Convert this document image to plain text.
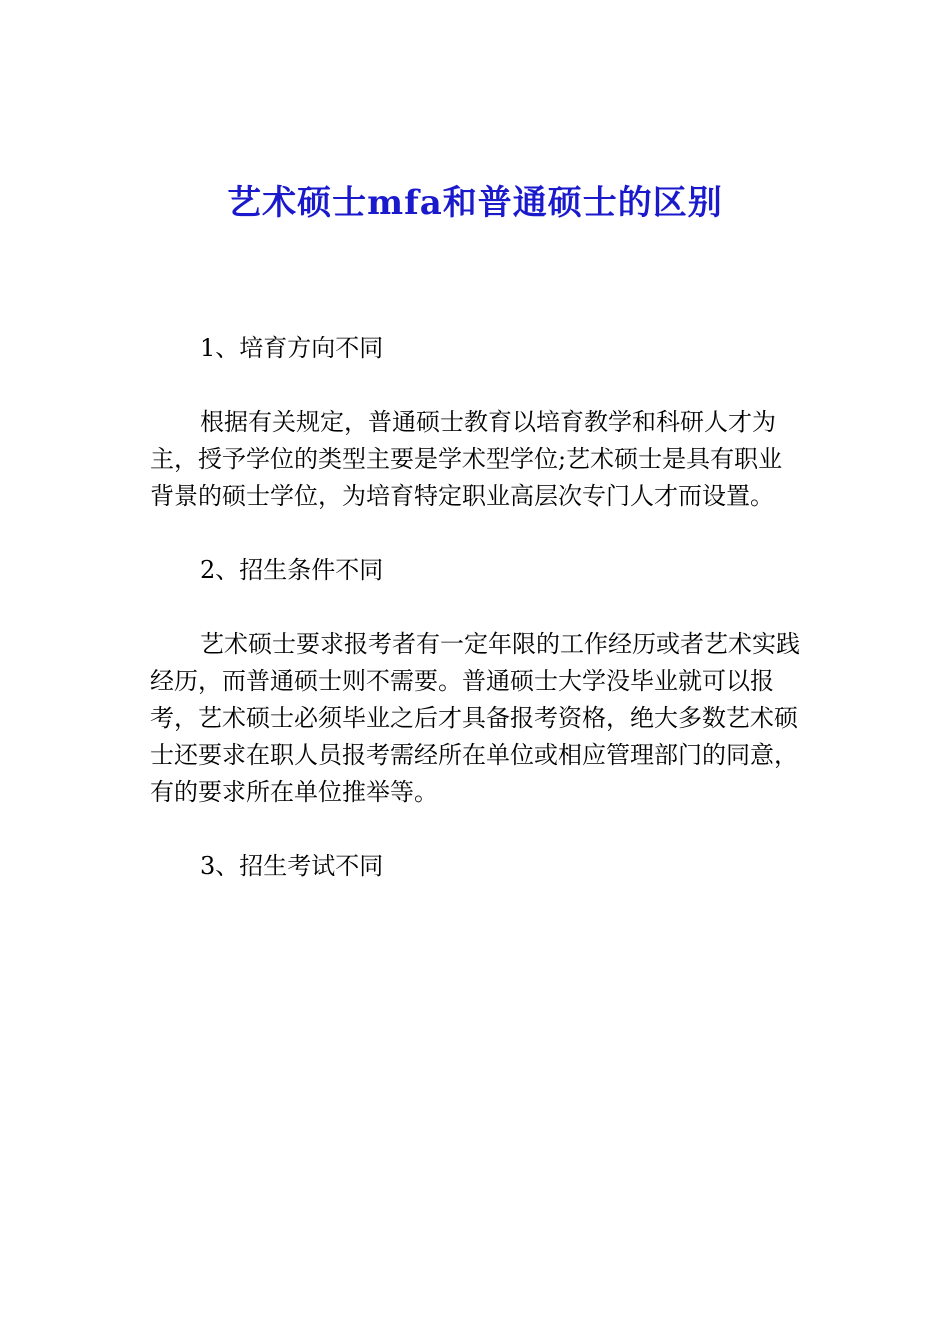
艺术硕士mfa和普通硕士的区别
1、培育方向不同
根据有关规定，普通硕士教育以培育教学和科研人才为主，授予学位的类型主要是学术型学位;艺术硕士是具有职业背景的硕士学位，为培育特定职业高层次专门人才而设置。
2、招生条件不同
艺术硕士要求报考者有一定年限的工作经历或者艺术实践经历，而普通硕士则不需要。普通硕士大学没毕业就可以报考，艺术硕士必须毕业之后才具备报考资格，绝大多数艺术硕士还要求在职人员报考需经所在单位或相应管理部门的同意，有的要求所在单位推举等。
3、招生考试不同
